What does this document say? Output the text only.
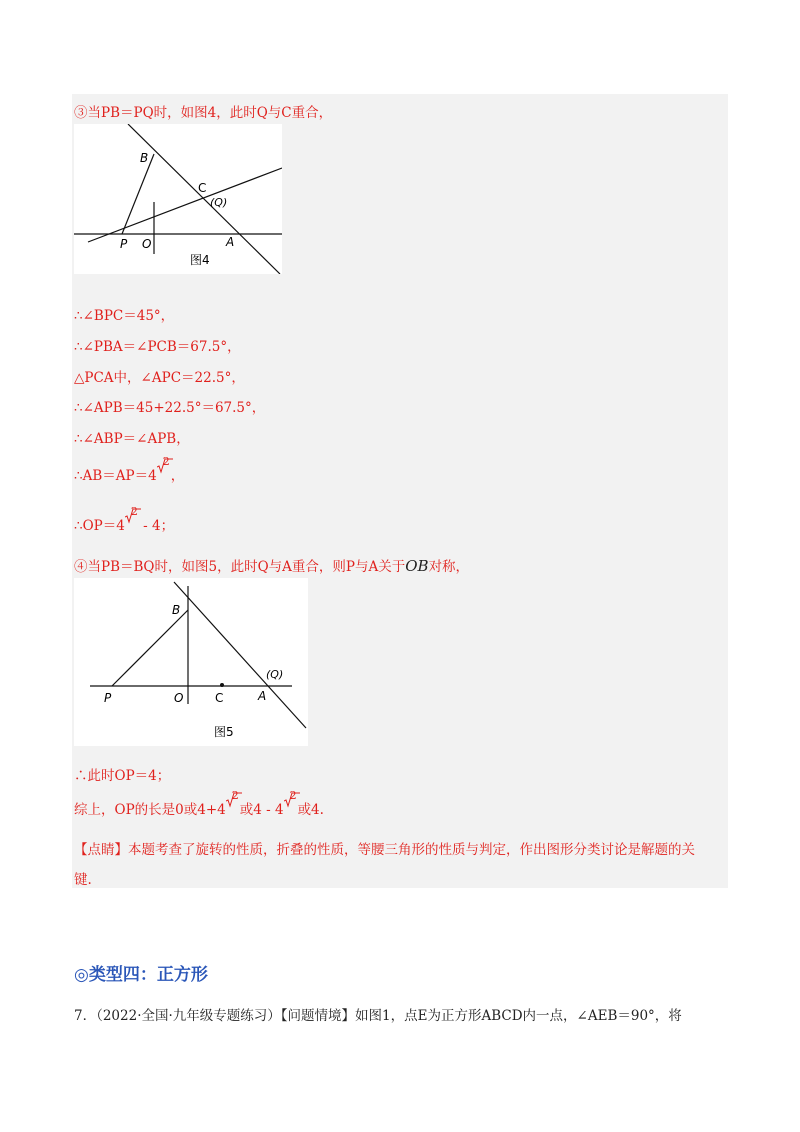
③当PB＝PQ时，如图4，此时Q与C重合，
B
C
(Q)
P O	A
图4
∴∠BPC＝45°，
∴∠PBA＝∠PCB＝67.5°，
△PCA中，∠APC＝22.5°，
∴∠APB＝45+22.5°＝67.5°，
∴∠ABP＝∠APB，
∴AB＝AP＝4
2
，
∴OP＝4
2
- 4；
④当PB＝BQ时，如图5，此时Q与A重合，则P与A关于OB对称，
B
(Q)
P	O	C	A
图5
∴此时OP＝4；
综上，OP的长是0或4+4
2
或4 - 4
2
或4.
【点睛】本题考查了旋转的性质，折叠的性质，等腰三角形的性质与判定，作出图形分类讨论是解题的关
键.
◎类型四：正方形
7．（2022·全国·九年级专题练习）【问题情境】如图1，点E为正方形ABCD内一点，∠AEB＝90°，将
